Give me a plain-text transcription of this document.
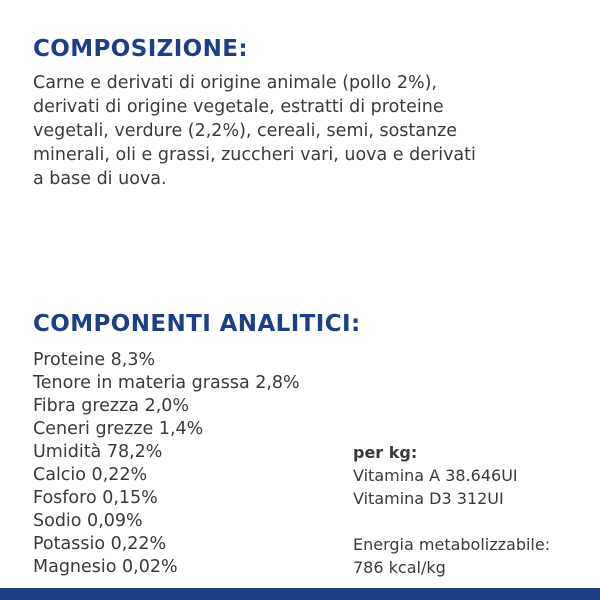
COMPOSIZIONE:

Carne e derivati di origine animale (pollo 2%),
derivati di origine vegetale, estratti di proteine
vegetali, verdure (2,2%), cereali, semi, sostanze
minerali, oli e grassi, zuccheri vari, uova e derivati
a base di uova.

COMPONENTI ANALITICI:
Proteine 8,3%
Tenore in materia grassa 2,8%
Fibra grezza 2,0%
Ceneri grezze 1,4%
Umidità 78,2%
Calcio 0,22%
Fosforo 0,15%
Sodio 0,09%
Potassio 0,22%
Magnesio 0,02%
per kg:
Vitamina A 38.646UI
Vitamina D3 312UI
Energia metabolizzabile:
786 kcal/kg
